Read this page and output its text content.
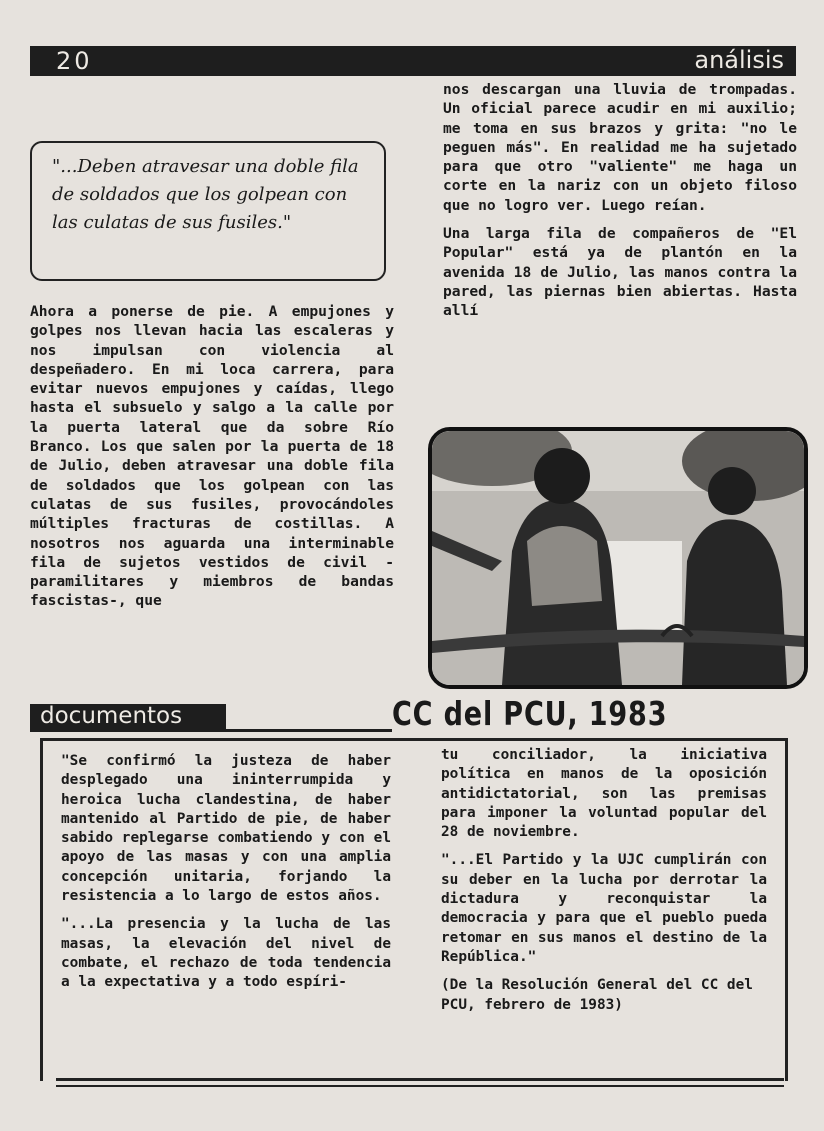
20	análisis
"...Deben atravesar una doble fila de soldados que los golpean con las culatas de sus fusiles."
Ahora a ponerse de pie. A empujones y golpes nos llevan hacia las escaleras y nos impulsan con violencia al despeñadero. En mi loca carrera, para evitar nuevos empujones y caídas, llego hasta el subsuelo y salgo a la calle por la puerta lateral que da sobre Río Branco. Los que salen por la puerta de 18 de Julio, deben atravesar una doble fila de soldados que los golpean con las culatas de sus fusiles, provocándoles múltiples fracturas de costillas. A nosotros nos aguarda una interminable fila de sujetos vestidos de civil -paramilitares y miembros de bandas fascistas-, que

nos descargan una lluvia de trompadas. Un oficial parece acudir en mi auxilio; me toma en sus brazos y grita: "no le peguen más". En realidad me ha sujetado para que otro "valiente" me haga un corte en la nariz con un objeto filoso que no logro ver. Luego reían.

Una larga fila de compañeros de "El Popular" está ya de plantón en la avenida 18 de Julio, las manos contra la pared, las piernas bien abiertas. Hasta allí

documentos	CC del PCU, 1983

"Se confirmó la justeza de haber desplegado una ininterrumpida y heroica lucha clandestina, de haber mantenido al Partido de pie, de haber sabido replegarse combatiendo y con el apoyo de las masas y con una amplia concepción unitaria, forjando la resistencia a lo largo de estos años.

"...La presencia y la lucha de las masas, la elevación del nivel de combate, el rechazo de toda tendencia a la expectativa y a todo espíri-

tu conciliador, la iniciativa política en manos de la oposición antidictatorial, son las premisas para imponer la voluntad popular del 28 de noviembre.

"...El Partido y la UJC cumplirán con su deber en la lucha por derrotar la dictadura y reconquistar la democracia y para que el pueblo pueda retomar en sus manos el destino de la República."

(De la Resolución General del CC del PCU, febrero de 1983)
